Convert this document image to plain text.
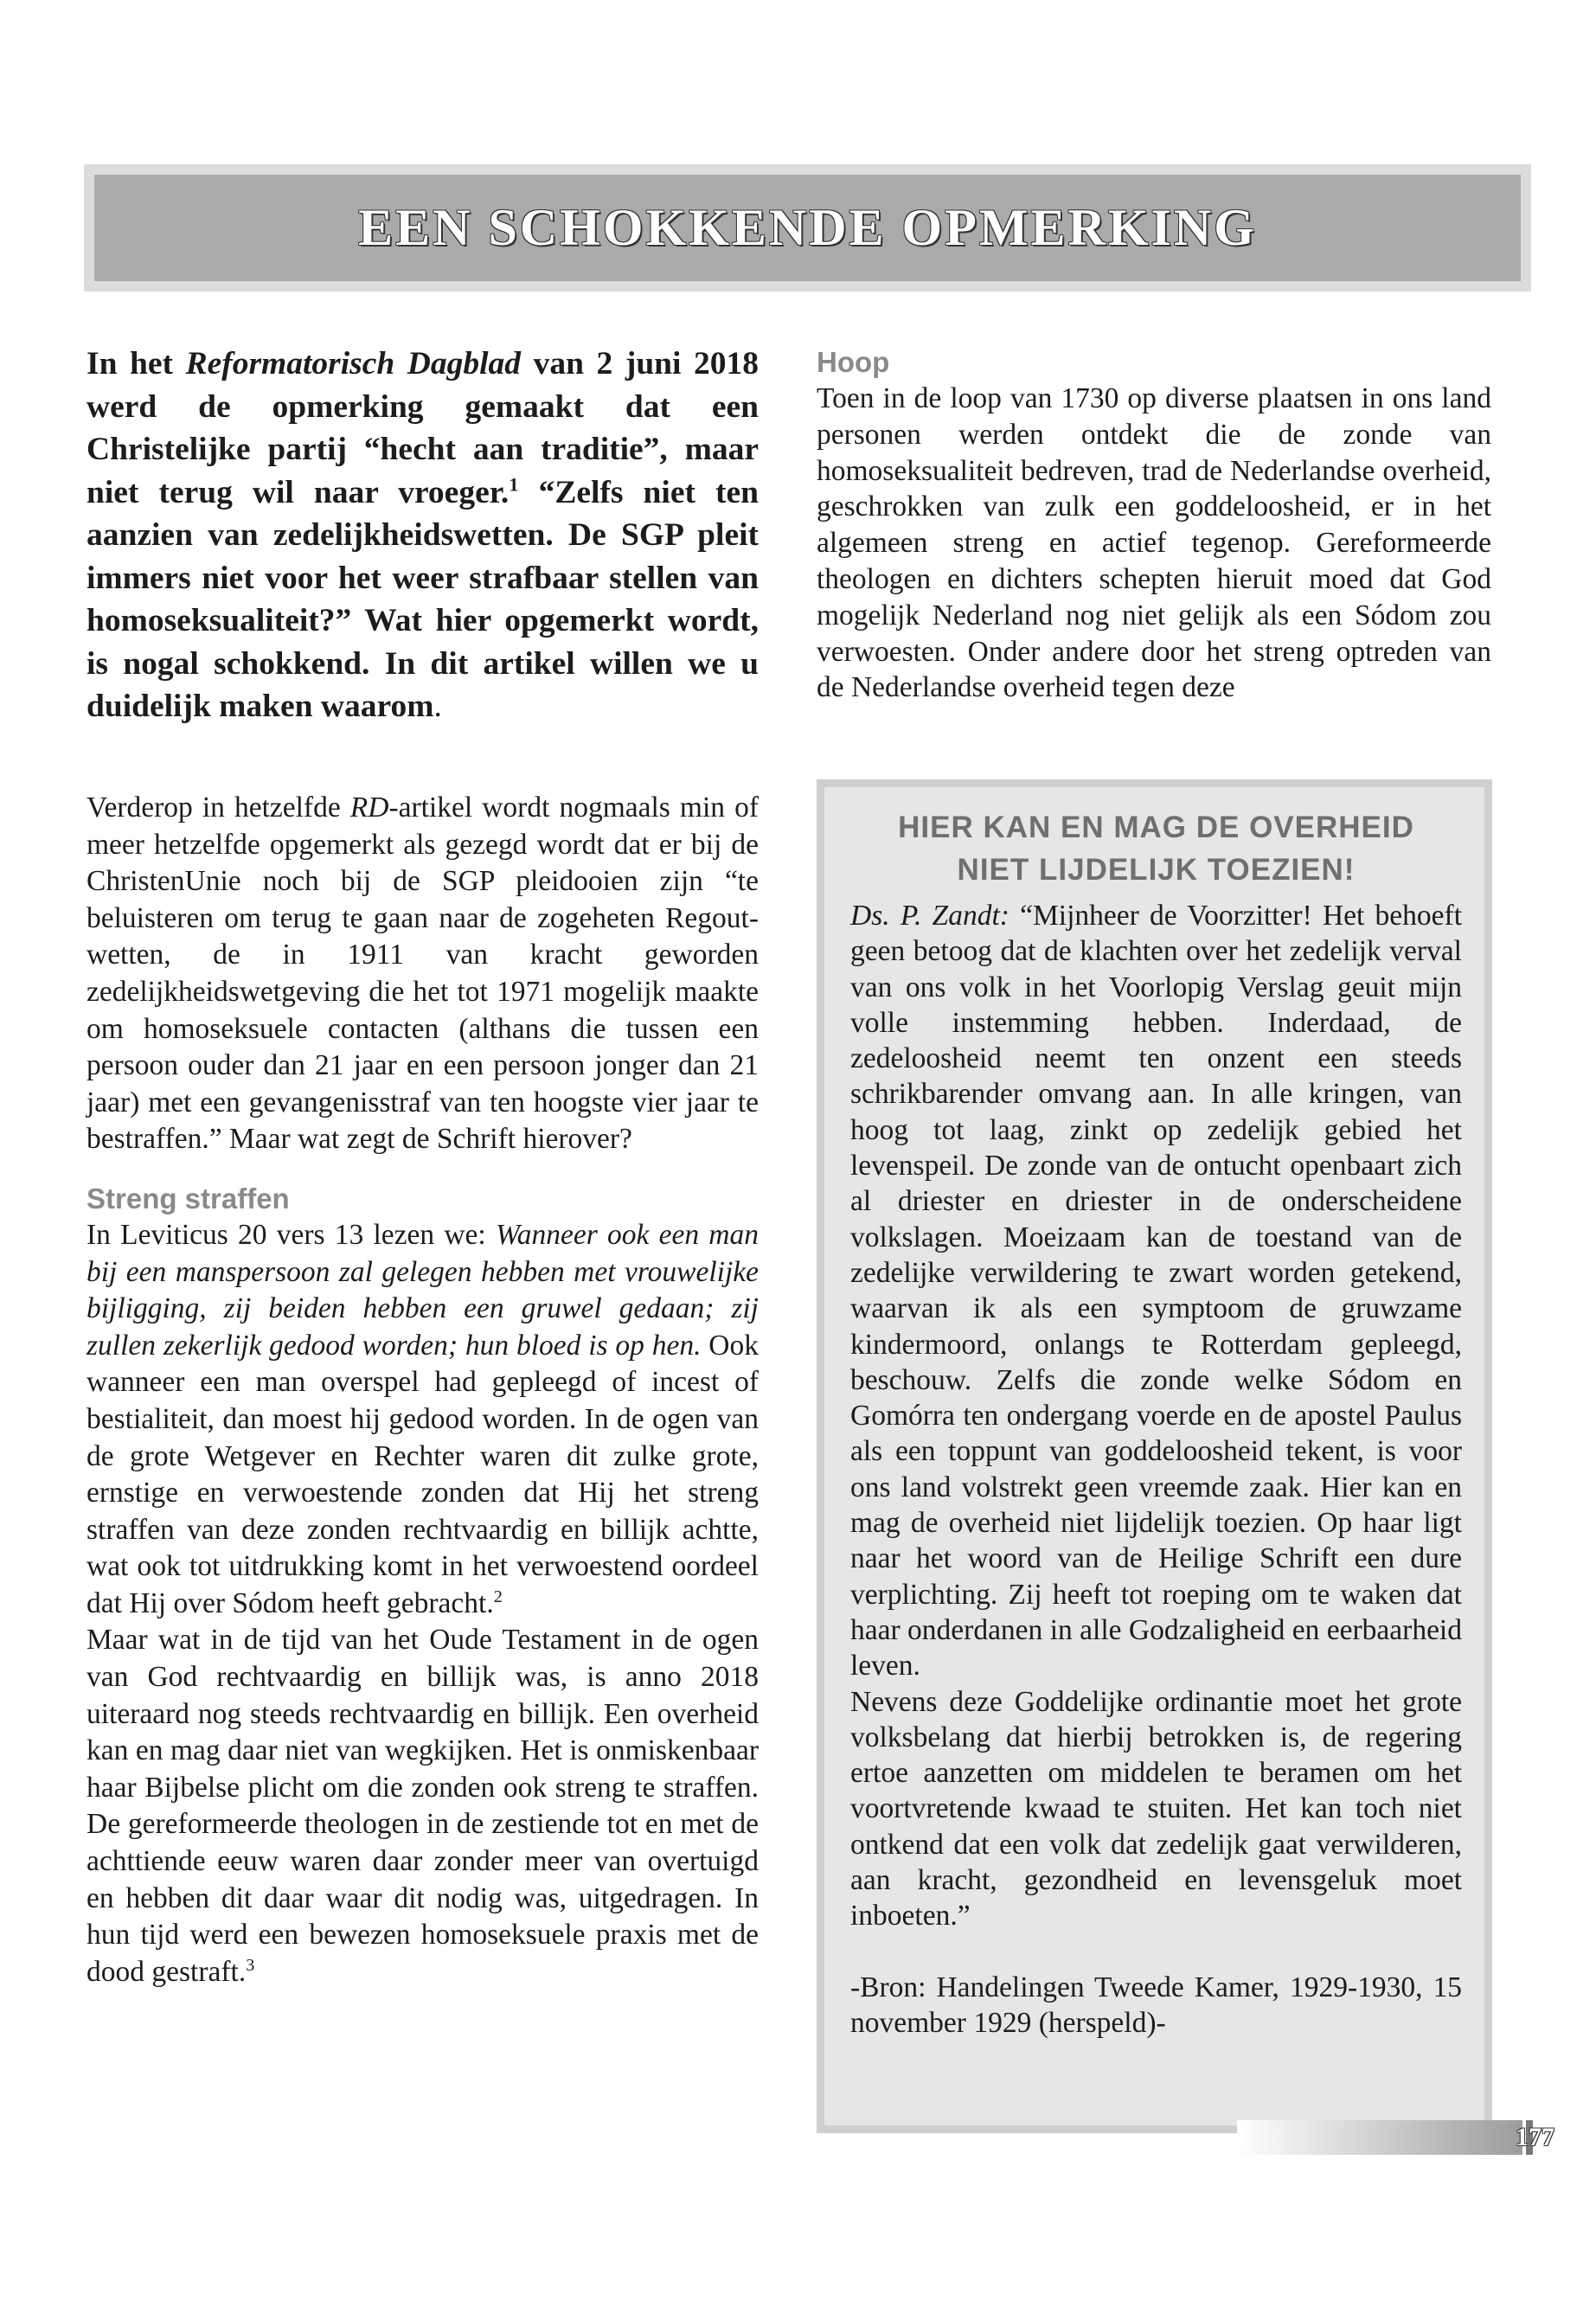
EEN SCHOKKENDE OPMERKING

In het Reformatorisch Dagblad van 2 juni 2018 werd de opmerking gemaakt dat een Christelijke partij “hecht aan traditie”, maar niet terug wil naar vroeger.$^1$ “Zelfs niet ten aanzien van zedelijkheidswetten. De SGP pleit immers niet voor het weer strafbaar stellen van homoseksualiteit?” Wat hier opgemerkt wordt, is nogal schokkend. In dit artikel willen we u duidelijk maken waarom.

Verderop in hetzelfde RD-artikel wordt nogmaals min of meer hetzelfde opgemerkt als gezegd wordt dat er bij de ChristenUnie noch bij de SGP pleidooien zijn “te beluisteren om terug te gaan naar de zogeheten Regout-wetten, de in 1911 van kracht geworden zedelijkheidswetgeving die het tot 1971 mogelijk maakte om homoseksuele contacten (althans die tussen een persoon ouder dan 21 jaar en een persoon jonger dan 21 jaar) met een gevangenisstraf van ten hoogste vier jaar te bestraffen.” Maar wat zegt de Schrift hierover?

Streng straffen

In Leviticus 20 vers 13 lezen we: Wanneer ook een man bij een manspersoon zal gelegen hebben met vrouwelijke bijligging, zij beiden hebben een gruwel gedaan; zij zullen zekerlijk gedood worden; hun bloed is op hen. Ook wanneer een man overspel had gepleegd of incest of bestialiteit, dan moest hij gedood worden. In de ogen van de grote Wetgever en Rechter waren dit zulke grote, ernstige en verwoestende zonden dat Hij het streng straffen van deze zonden rechtvaardig en billijk achtte, wat ook tot uitdrukking komt in het verwoestend oordeel dat Hij over Sódom heeft gebracht.$^2$

Maar wat in de tijd van het Oude Testament in de ogen van God rechtvaardig en billijk was, is anno 2018 uiteraard nog steeds rechtvaardig en billijk. Een overheid kan en mag daar niet van wegkijken. Het is onmiskenbaar haar Bijbelse plicht om die zonden ook streng te straffen. De gereformeerde theologen in de zestiende tot en met de achttiende eeuw waren daar zonder meer van overtuigd en hebben dit daar waar dit nodig was, uitgedragen. In hun tijd werd een bewezen homoseksuele praxis met de dood gestraft.$^3$

Hoop

Toen in de loop van 1730 op diverse plaatsen in ons land personen werden ontdekt die de zonde van homoseksualiteit bedreven, trad de Nederlandse overheid, geschrokken van zulk een goddeloosheid, er in het algemeen streng en actief tegenop. Gereformeerde theologen en dichters schepten hieruit moed dat God mogelijk Nederland nog niet gelijk als een Sódom zou verwoesten. Onder andere door het streng optreden van de Nederlandse overheid tegen deze

HIER KAN EN MAG DE OVERHEID
NIET LIJDELIJK TOEZIEN!

Ds. P. Zandt: “Mijnheer de Voorzitter! Het behoeft geen betoog dat de klachten over het zedelijk verval van ons volk in het Voorlopig Verslag geuit mijn volle instemming hebben. Inderdaad, de zedeloosheid neemt ten onzent een steeds schrikbarender omvang aan. In alle kringen, van hoog tot laag, zinkt op zedelijk gebied het levenspeil. De zonde van de ontucht openbaart zich al driester en driester in de onderscheidene volkslagen. Moeizaam kan de toestand van de zedelijke verwildering te zwart worden getekend, waarvan ik als een symptoom de gruwzame kindermoord, onlangs te Rotterdam gepleegd, beschouw. Zelfs die zonde welke Sódom en Gomórra ten ondergang voerde en de apostel Paulus als een toppunt van goddeloosheid tekent, is voor ons land volstrekt geen vreemde zaak. Hier kan en mag de overheid niet lijdelijk toezien. Op haar ligt naar het woord van de Heilige Schrift een dure verplichting. Zij heeft tot roeping om te waken dat haar onderdanen in alle Godzaligheid en eerbaarheid leven.

Nevens deze Goddelijke ordinantie moet het grote volksbelang dat hierbij betrokken is, de regering ertoe aanzetten om middelen te beramen om het voortvretende kwaad te stuiten. Het kan toch niet ontkend dat een volk dat zedelijk gaat verwilderen, aan kracht, gezondheid en levensgeluk moet inboeten.”

-Bron: Handelingen Tweede Kamer, 1929-1930, 15 november 1929 (herspeld)-

177
